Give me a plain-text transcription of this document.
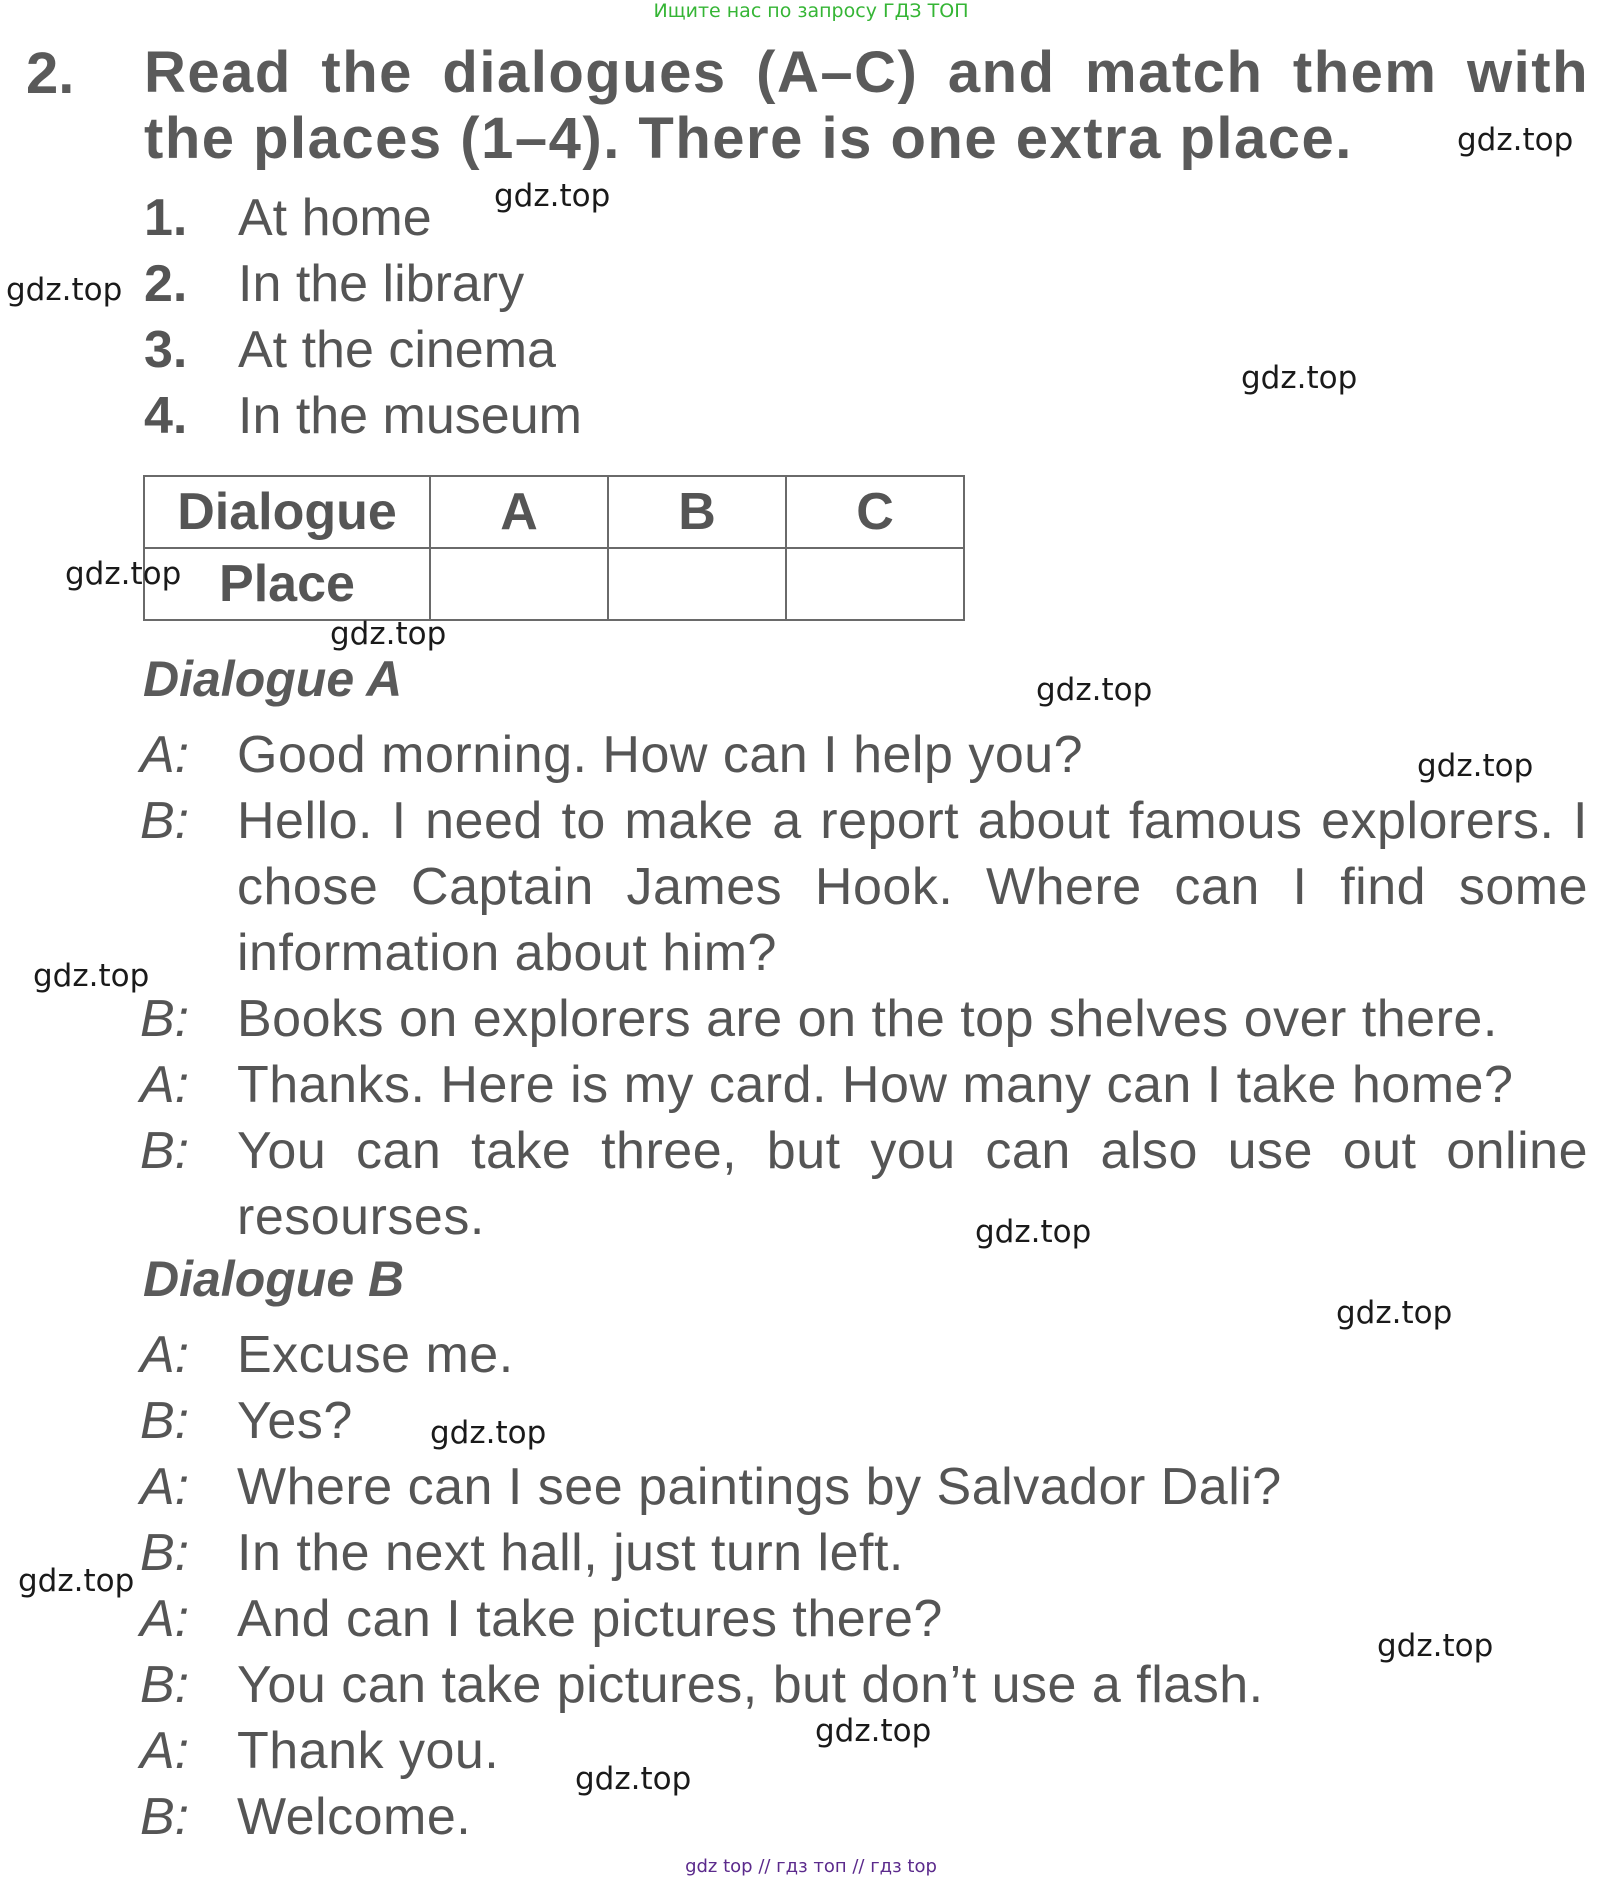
Ищите нас по запросу ГДЗ ТОП
2. Read the dialogues (A–C) and match them with the places (1–4). There is one extra place.
1. At home
2. In the library
3. At the cinema
4. In the museum
Dialogue	A	B	C
Place			
Dialogue A
A: Good morning. How can I help you?
B: Hello. I need to make a report about famous explorers. I chose Captain James Hook. Where can I find some information about him?
B: Books on explorers are on the top shelves over there.
A: Thanks. Here is my card. How many can I take home?
B: You can take three, but you can also use out online resourses.
Dialogue B
A: Excuse me.
B: Yes?
A: Where can I see paintings by Salvador Dali?
B: In the next hall, just turn left.
A: And can I take pictures there?
B: You can take pictures, but don’t use a flash.
A: Thank you.
B: Welcome.
gdz.top
gdz.top
gdz.top
gdz.top
gdz.top
gdz.top
gdz.top
gdz.top
gdz.top
gdz.top
gdz.top
gdz.top
gdz.top
gdz.top
gdz.top
gdz.top
gdz top // гдз топ // гдз top
